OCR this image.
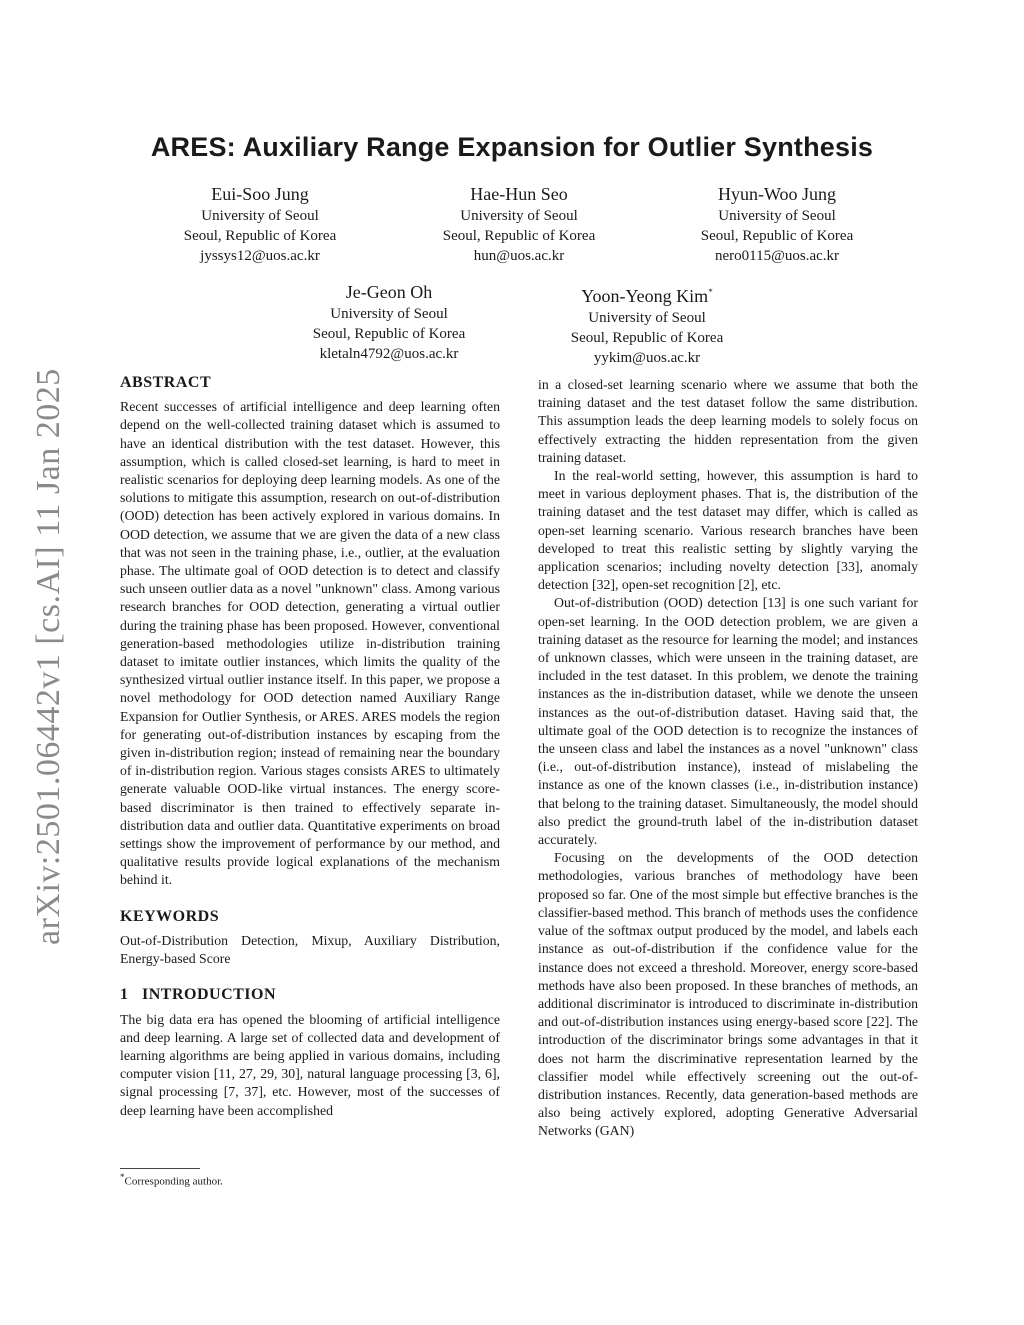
arXiv:2501.06442v1 [cs.AI] 11 Jan 2025
ARES: Auxiliary Range Expansion for Outlier Synthesis
Eui-Soo Jung
University of Seoul
Seoul, Republic of Korea
jyssys12@uos.ac.kr
Hae-Hun Seo
University of Seoul
Seoul, Republic of Korea
hun@uos.ac.kr
Hyun-Woo Jung
University of Seoul
Seoul, Republic of Korea
nero0115@uos.ac.kr
Je-Geon Oh
University of Seoul
Seoul, Republic of Korea
kletaln4792@uos.ac.kr
Yoon-Yeong Kim*
University of Seoul
Seoul, Republic of Korea
yykim@uos.ac.kr
ABSTRACT

Recent successes of artificial intelligence and deep learning often depend on the well-collected training dataset which is assumed to have an identical distribution with the test dataset. However, this assumption, which is called closed-set learning, is hard to meet in realistic scenarios for deploying deep learning models. As one of the solutions to mitigate this assumption, research on out-of-distribution (OOD) detection has been actively explored in various domains. In OOD detection, we assume that we are given the data of a new class that was not seen in the training phase, i.e., outlier, at the evaluation phase. The ultimate goal of OOD detection is to detect and classify such unseen outlier data as a novel "unknown" class. Among various research branches for OOD detection, generating a virtual outlier during the training phase has been proposed. However, conventional generation-based methodologies utilize in-distribution training dataset to imitate outlier instances, which limits the quality of the synthesized virtual outlier instance itself. In this paper, we propose a novel methodology for OOD detection named Auxiliary Range Expansion for Outlier Synthesis, or ARES. ARES models the region for generating out-of-distribution instances by escaping from the given in-distribution region; instead of remaining near the boundary of in-distribution region. Various stages consists ARES to ultimately generate valuable OOD-like virtual instances. The energy score-based discriminator is then trained to effectively separate in-distribution data and outlier data. Quantitative experiments on broad settings show the improvement of performance by our method, and qualitative results provide logical explanations of the mechanism behind it.

KEYWORDS

Out-of-Distribution Detection, Mixup, Auxiliary Distribution, Energy-based Score

1   INTRODUCTION

The big data era has opened the blooming of artificial intelligence and deep learning. A large set of collected data and development of learning algorithms are being applied in various domains, including computer vision [11, 27, 29, 30], natural language processing [3, 6], signal processing [7, 37], etc. However, most of the successes of deep learning have been accomplished

in a closed-set learning scenario where we assume that both the training dataset and the test dataset follow the same distribution. This assumption leads the deep learning models to solely focus on effectively extracting the hidden representation from the given training dataset.

In the real-world setting, however, this assumption is hard to meet in various deployment phases. That is, the distribution of the training dataset and the test dataset may differ, which is called as open-set learning scenario. Various research branches have been developed to treat this realistic setting by slightly varying the application scenarios; including novelty detection [33], anomaly detection [32], open-set recognition [2], etc.

Out-of-distribution (OOD) detection [13] is one such variant for open-set learning. In the OOD detection problem, we are given a training dataset as the resource for learning the model; and instances of unknown classes, which were unseen in the training dataset, are included in the test dataset. In this problem, we denote the training instances as the in-distribution dataset, while we denote the unseen instances as the out-of-distribution dataset. Having said that, the ultimate goal of the OOD detection is to recognize the instances of the unseen class and label the instances as a novel "unknown" class (i.e., out-of-distribution instance), instead of mislabeling the instance as one of the known classes (i.e., in-distribution instance) that belong to the training dataset. Simultaneously, the model should also predict the ground-truth label of the in-distribution dataset accurately.

Focusing on the developments of the OOD detection methodologies, various branches of methodology have been proposed so far. One of the most simple but effective branches is the classifier-based method. This branch of methods uses the confidence value of the softmax output produced by the model, and labels each instance as out-of-distribution if the confidence value for the instance does not exceed a threshold. Moreover, energy score-based methods have also been proposed. In these branches of methods, an additional discriminator is introduced to discriminate in-distribution and out-of-distribution instances using energy-based score [22]. The introduction of the discriminator brings some advantages in that it does not harm the discriminative representation learned by the classifier model while effectively screening out the out-of-distribution instances. Recently, data generation-based methods are also being actively explored, adopting Generative Adversarial Networks (GAN)

*Corresponding author.
